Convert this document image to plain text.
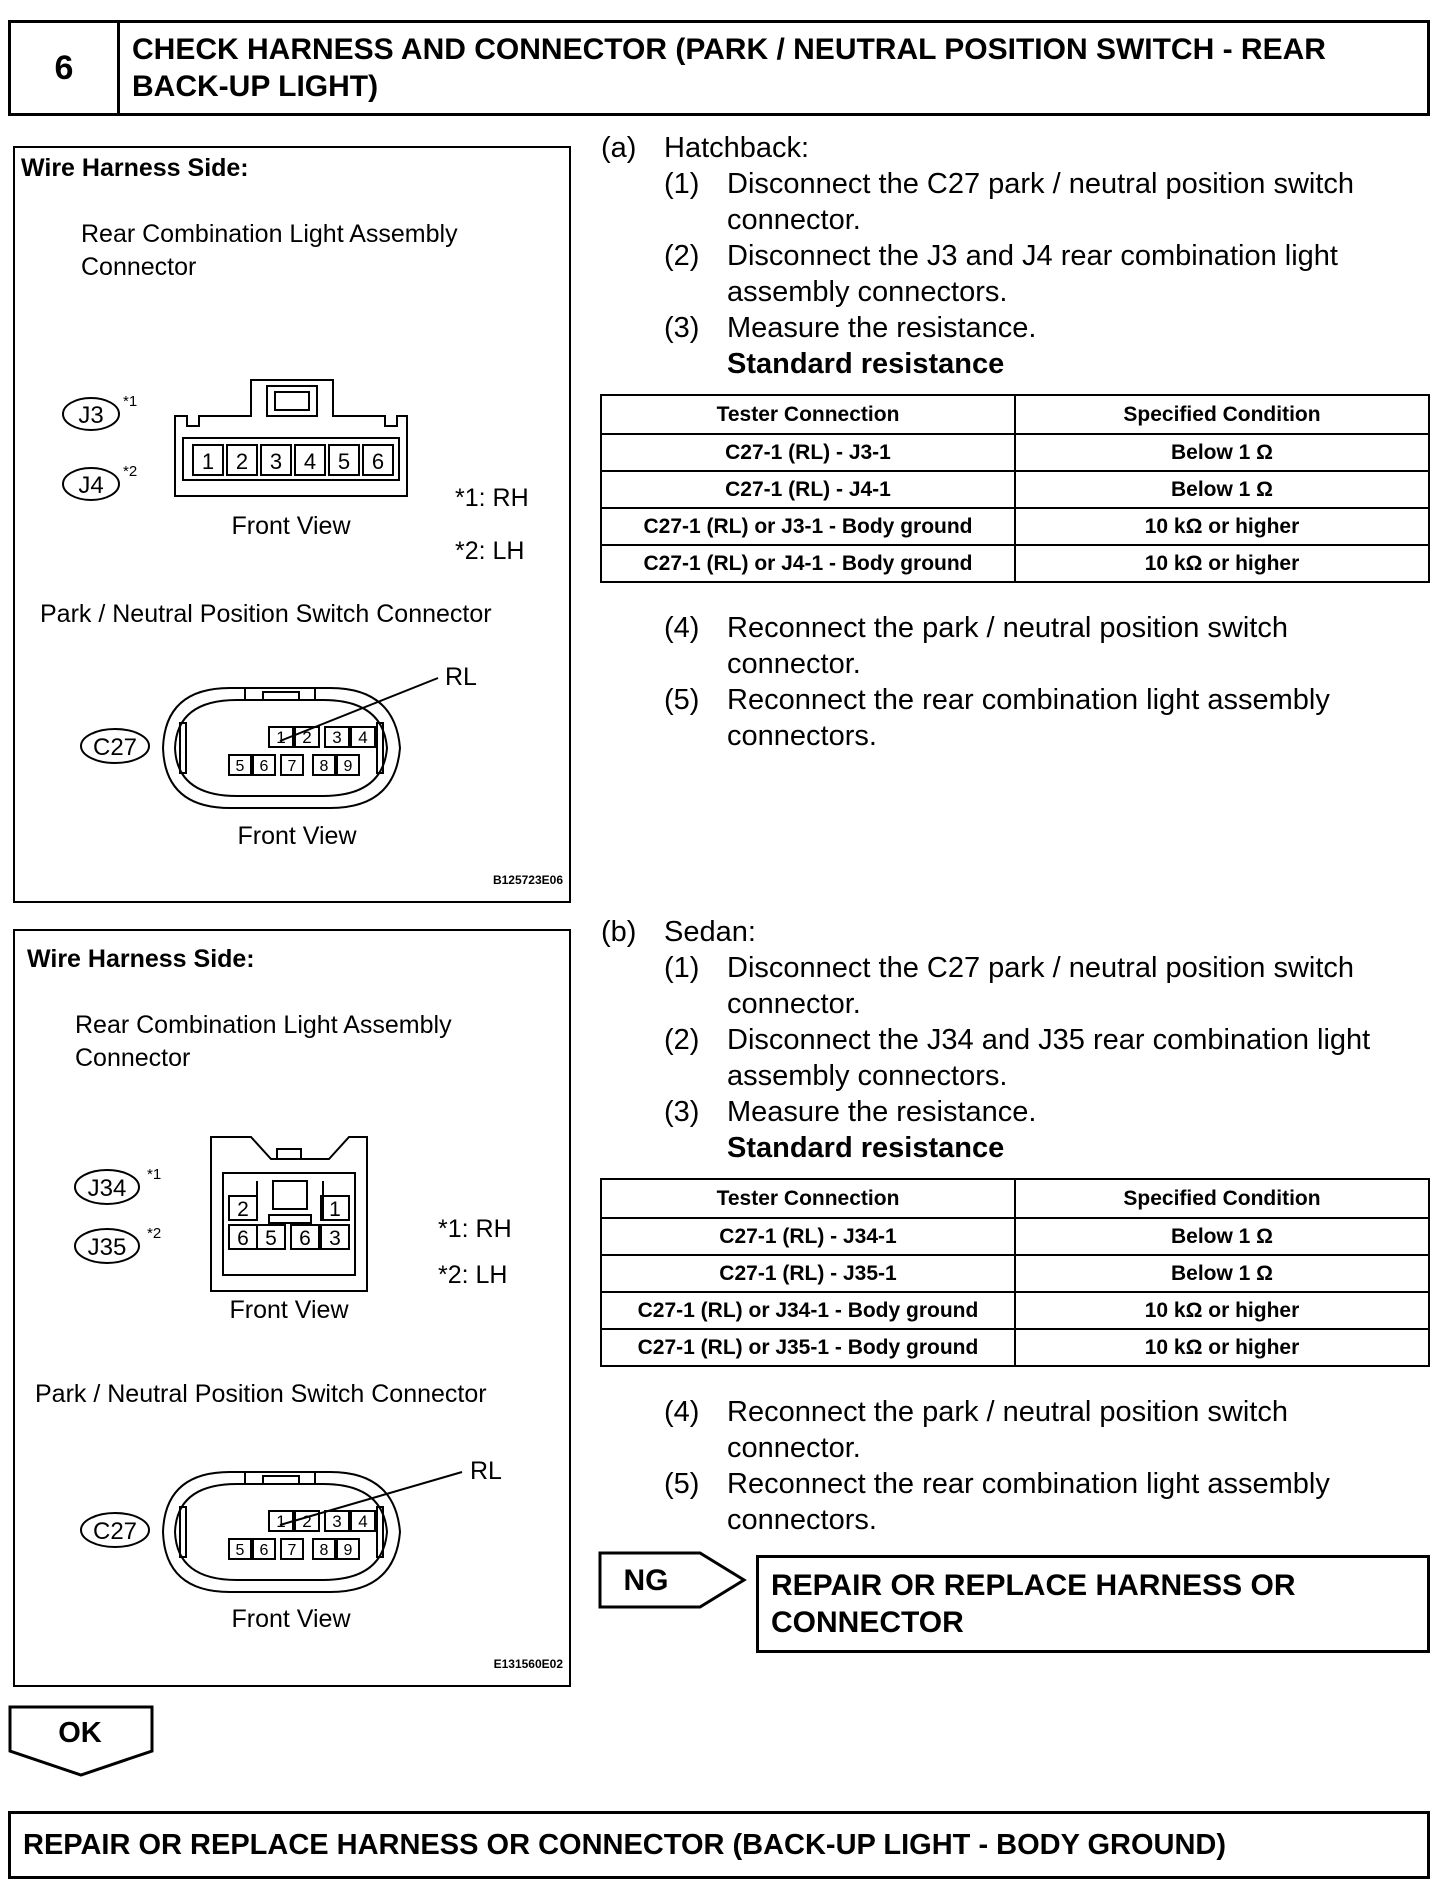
6	CHECK HARNESS AND CONNECTOR (PARK / NEUTRAL POSITION SWITCH - REAR BACK-UP LIGHT)
Wire Harness Side:
Rear Combination Light Assembly
Connector
J3
*1
J4
*2	1 2 3 4 5 6
Front View
*1: RH
*2: LH
Park / Neutral Position Switch Connector
C27
RL
1 2 3 4
5 6 7 8 9
Front View
B125723E06
Wire Harness Side:
Rear Combination Light Assembly
Connector
J34
*1
J35
*2
2	1
6 5 6 3
Front View
*1: RH
*2: LH
Park / Neutral Position Switch Connector
C27
RL
1 2 3 4
5 6 7 8 9
Front View
E131560E02
(a) Hatchback:
(1) Disconnect the C27 park / neutral position switch
connector.
(2) Disconnect the J3 and J4 rear combination light
assembly connectors.
(3) Measure the resistance.
Standard resistance
Tester Connection	Specified Condition
C27-1 (RL) - J3-1	Below 1 Ω
C27-1 (RL) - J4-1	Below 1 Ω
C27-1 (RL) or J3-1 - Body ground	10 kΩ or higher
C27-1 (RL) or J4-1 - Body ground	10 kΩ or higher
(4) Reconnect the park / neutral position switch
connector.
(5) Reconnect the rear combination light assembly
connectors.
(b) Sedan:
(1) Disconnect the C27 park / neutral position switch
connector.
(2) Disconnect the J34 and J35 rear combination light
assembly connectors.
(3) Measure the resistance.
Standard resistance
Tester Connection	Specified Condition
C27-1 (RL) - J34-1	Below 1 Ω
C27-1 (RL) - J35-1	Below 1 Ω
C27-1 (RL) or J34-1 - Body ground	10 kΩ or higher
C27-1 (RL) or J35-1 - Body ground	10 kΩ or higher
(4) Reconnect the park / neutral position switch
connector.
(5) Reconnect the rear combination light assembly
connectors.
NG	REPAIR OR REPLACE HARNESS OR CONNECTOR
OK
REPAIR OR REPLACE HARNESS OR CONNECTOR (BACK-UP LIGHT - BODY GROUND)
